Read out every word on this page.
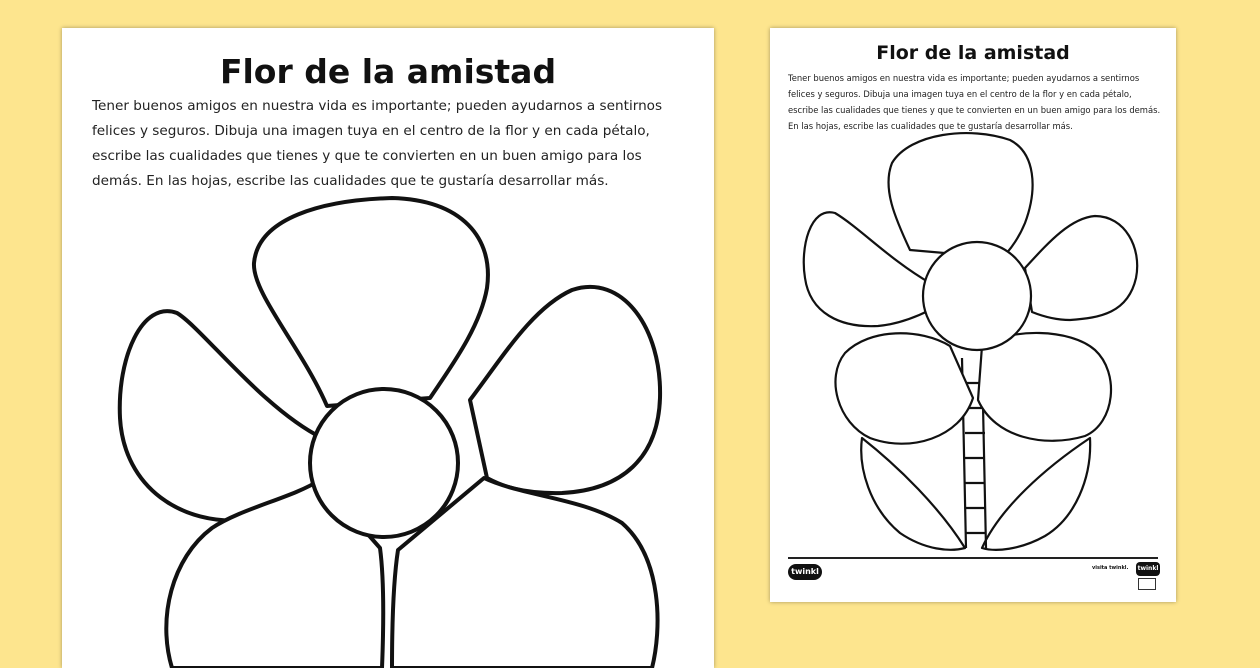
Flor de la amistad

Tener buenos amigos en nuestra vida es importante; pueden ayudarnos a sentirnos felices y seguros. Dibuja una imagen tuya en el centro de la flor y en cada pétalo, escribe las cualidades que tienes y que te convierten en un buen amigo para los demás. En las hojas, escribe las cualidades que te gustaría desarrollar más.

Flor de la amistad

Tener buenos amigos en nuestra vida es importante; pueden ayudarnos a sentirnos felices y seguros. Dibuja una imagen tuya en el centro de la flor y en cada pétalo, escribe las cualidades que tienes y que te convierten en un buen amigo para los demás. En las hojas, escribe las cualidades que te gustaría desarrollar más.

twinkl	visita twinkl. twinkl
